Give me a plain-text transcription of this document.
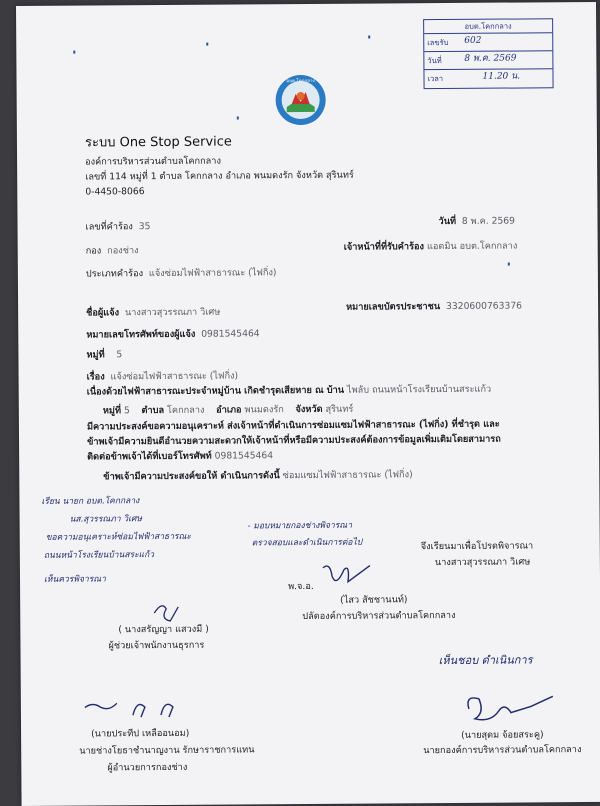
อบต.โคกกลาง
เลขรับ 602
วันที่	8 พ.ค. 2569
เวลา	11.20 น.
อบต.โคกกลาง
ระบบ One Stop Service
องค์การบริหารส่วนตำบลโคกกลาง
เลขที่ 114 หมู่ที่ 1 ตำบล โคกกลาง อำเภอ พนมดงรัก จังหวัด สุรินทร์
0-4450-8066
เลขที่คำร้อง 35	วันที่ 8 พ.ค. 2569
กอง กองช่าง	เจ้าหน้าที่ที่รับคำร้อง แอดมิน อบต.โคกกลาง
ประเภทคำร้อง แจ้งซ่อมไฟฟ้าสาธารณะ (ไฟกิ่ง)
ชื่อผู้แจ้ง นางสาวสุวรรณภา วิเศษ	หมายเลขบัตรประชาชน 3320600763376
หมายเลขโทรศัพท์ของผู้แจ้ง 0981545464
หมู่ที่ 5
เรื่อง แจ้งซ่อมไฟฟ้าสาธารณะ (ไฟกิ่ง)
เนื่องด้วยไฟฟ้าสาธารณะประจำหมู่บ้าน เกิดชำรุดเสียหาย ณ บ้าน ไพลับ ถนนหน้าโรงเรียนบ้านสระแก้ว
หมู่ที่ 5 ตำบล โคกกลาง อำเภอ พนมดงรัก จังหวัด สุรินทร์
มีความประสงค์ขอความอนุเคราะห์ ส่งเจ้าหน้าที่ดำเนินการซ่อมแซมไฟฟ้าสาธารณะ (ไฟกิ่ง) ที่ชำรุด และ
ข้าพเจ้ามีความยินดีอำนวยความสะดวกให้เจ้าหน้าที่หรือมีความประสงค์ต้องการข้อมูลเพิ่มเติมโดยสามารถ
ติดต่อข้าพเจ้าได้ที่เบอร์โทรศัพท์ 0981545464
ข้าพเจ้ามีความประสงค์ขอให้ ดำเนินการดังนี้ ซ่อมแซมไฟฟ้าสาธารณะ (ไฟกิ่ง)
เรียน นายก อบต.โคกกลาง
นส.สุวรรณภา วิเศษ
ขอความอนุเคราะห์ซ่อมไฟฟ้าสาธารณะ
ถนนหน้าโรงเรียนบ้านสระแก้ว
เห็นควรพิจารณา
- มอบหมายกองช่างพิจารณา
ตรวจสอบและดำเนินการต่อไป	จึงเรียนมาเพื่อโปรดพิจารณา
นางสาวสุวรรณภา วิเศษ
พ.จ.อ.
(ไสว สัชชานนท์)
ปลัดองค์การบริหารส่วนตำบลโคกกลาง
( นางสรัญญา แสวงมี )
ผู้ช่วยเจ้าพนักงานธุรการ
เห็นชอบ ดำเนินการ
(นายสุดม จ้อยสระคู)
นายกองค์การบริหารส่วนตำบลโคกกลาง
(นายประทีป เหลืออนอม)
นายช่างโยธาชำนาญงาน รักษาราชการแทน
ผู้อำนวยการกองช่าง
